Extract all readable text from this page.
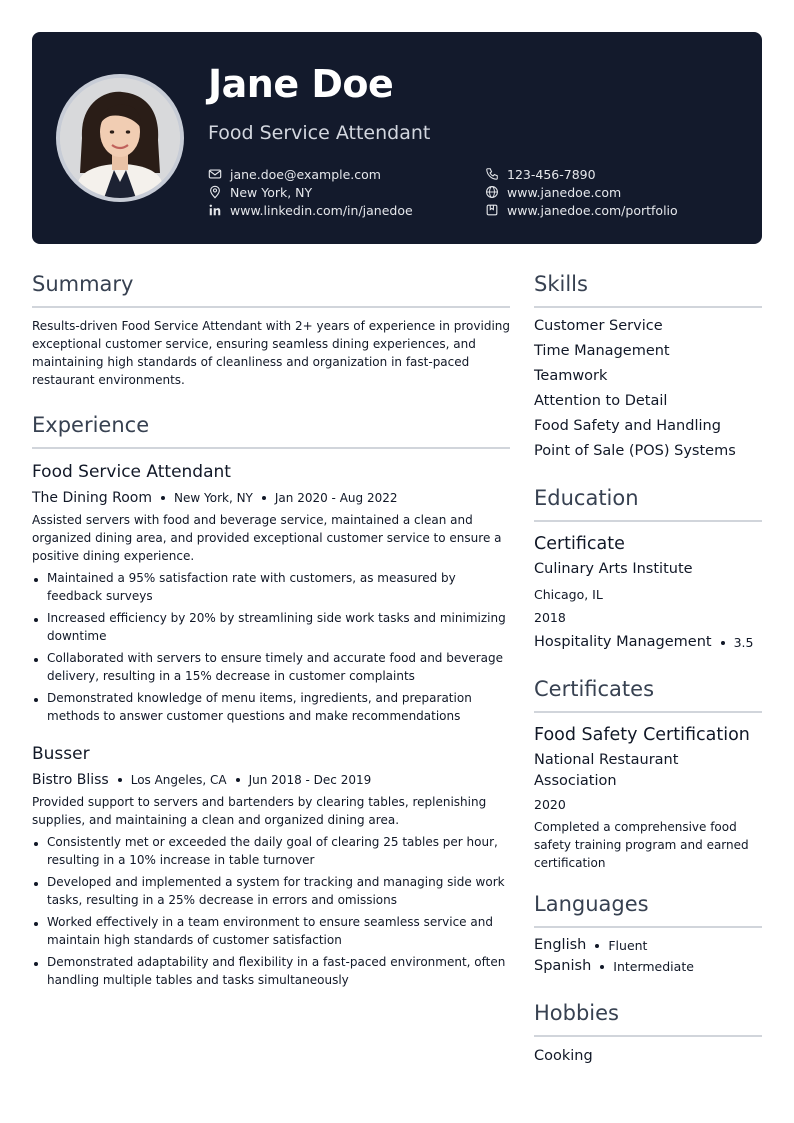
Jane Doe
Food Service Attendant
jane.doe@example.com	123-456-7890
New York, NY	www.janedoe.com
www.linkedin.com/in/janedoe	www.janedoe.com/portfolio
Summary
Results-driven Food Service Attendant with 2+ years of experience in providing exceptional customer service, ensuring seamless dining experiences, and maintaining high standards of cleanliness and organization in fast-paced restaurant environments.
Experience
Food Service Attendant
The Dining Room New York, NY Jan 2020 - Aug 2022
Assisted servers with food and beverage service, maintained a clean and organized dining area, and provided exceptional customer service to ensure a positive dining experience.
Maintained a 95% satisfaction rate with customers, as measured by feedback surveys
Increased efficiency by 20% by streamlining side work tasks and minimizing downtime
Collaborated with servers to ensure timely and accurate food and beverage delivery, resulting in a 15% decrease in customer complaints
Demonstrated knowledge of menu items, ingredients, and preparation methods to answer customer questions and make recommendations
Busser
Bistro Bliss Los Angeles, CA Jun 2018 - Dec 2019
Provided support to servers and bartenders by clearing tables, replenishing supplies, and maintaining a clean and organized dining area.
Consistently met or exceeded the daily goal of clearing 25 tables per hour, resulting in a 10% increase in table turnover
Developed and implemented a system for tracking and managing side work tasks, resulting in a 25% decrease in errors and omissions
Worked effectively in a team environment to ensure seamless service and maintain high standards of customer satisfaction
Demonstrated adaptability and flexibility in a fast-paced environment, often handling multiple tables and tasks simultaneously
Skills
Customer Service
Time Management
Teamwork
Attention to Detail
Food Safety and Handling
Point of Sale (POS) Systems
Education
Certificate
Culinary Arts Institute
Chicago, IL
2018
Hospitality Management 3.5
Certificates
Food Safety Certification
National Restaurant
Association
2020
Completed a comprehensive food safety training program and earned certification
Languages
English Fluent
Spanish Intermediate
Hobbies
Cooking
